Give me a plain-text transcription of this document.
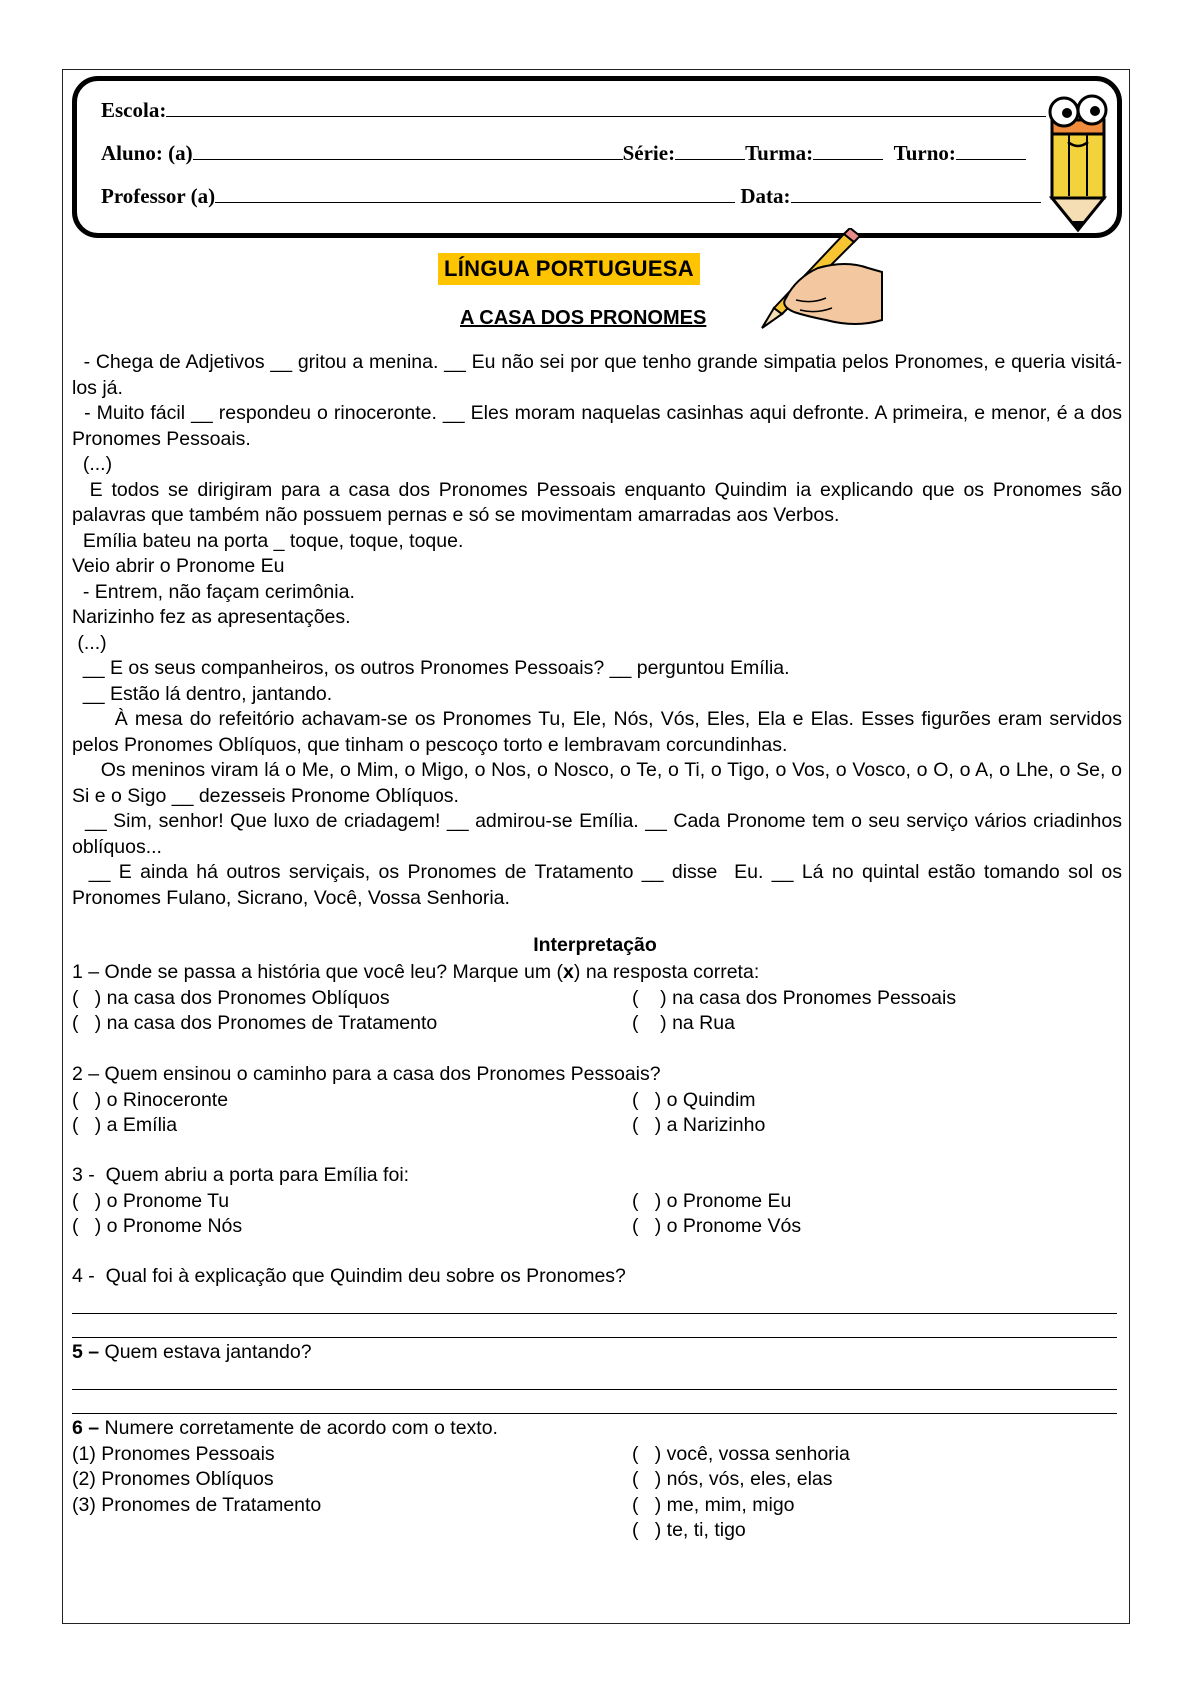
Escola:
Aluno: (a)	Série:	Turma:	Turno:
Professor (a)	Data:
LÍNGUA PORTUGUESA
A CASA DOS PRONOMES

- Chega de Adjetivos __ gritou a menina. __ Eu não sei por que tenho grande simpatia pelos Pronomes, e queria visitá-los já.

- Muito fácil __ respondeu o rinoceronte. __ Eles moram naquelas casinhas aqui defronte. A primeira, e menor, é a dos Pronomes Pessoais.

(...)

E todos se dirigiram para a casa dos Pronomes Pessoais enquanto Quindim ia explicando que os Pronomes são palavras que também não possuem pernas e só se movimentam amarradas aos Verbos.

Emília bateu na porta _ toque, toque, toque.

Veio abrir o Pronome Eu

- Entrem, não façam cerimônia.

Narizinho fez as apresentações.

(...)

__ E os seus companheiros, os outros Pronomes Pessoais? __ perguntou Emília.

__ Estão lá dentro, jantando.

À mesa do refeitório achavam-se os Pronomes Tu, Ele, Nós, Vós, Eles, Ela e Elas. Esses figurões eram servidos pelos Pronomes Oblíquos, que tinham o pescoço torto e lembravam corcundinhas.

Os meninos viram lá o Me, o Mim, o Migo, o Nos, o Nosco, o Te, o Ti, o Tigo, o Vos, o Vosco, o O, o A, o Lhe, o Se, o Si e o Sigo __ dezesseis Pronome Oblíquos.

__ Sim, senhor! Que luxo de criadagem! __ admirou-se Emília. __ Cada Pronome tem o seu serviço vários criadinhos oblíquos...

__ E ainda há outros serviçais, os Pronomes de Tratamento __ disse  Eu. __ Lá no quintal estão tomando sol os Pronomes Fulano, Sicrano, Você, Vossa Senhoria.

Interpretação

1 – Onde se passa a história que você leu? Marque um (x) na resposta correta:

(   ) na casa dos Pronomes Oblíquos	(    ) na casa dos Pronomes Pessoais
(   ) na casa dos Pronomes de Tratamento	(    ) na Rua

2 – Quem ensinou o caminho para a casa dos Pronomes Pessoais?

(   ) o Rinoceronte	(   ) o Quindim
(   ) a Emília	(   ) a Narizinho

3 -  Quem abriu a porta para Emília foi:

(   ) o Pronome Tu	(   ) o Pronome Eu
(   ) o Pronome Nós	(   ) o Pronome Vós

4 -  Qual foi à explicação que Quindim deu sobre os Pronomes?

5 – Quem estava jantando?

6 – Numere corretamente de acordo com o texto.

(1) Pronomes Pessoais	(   ) você, vossa senhoria
(2) Pronomes Oblíquos	(   ) nós, vós, eles, elas
(3) Pronomes de Tratamento	(   ) me, mim, migo
(   ) te, ti, tigo
